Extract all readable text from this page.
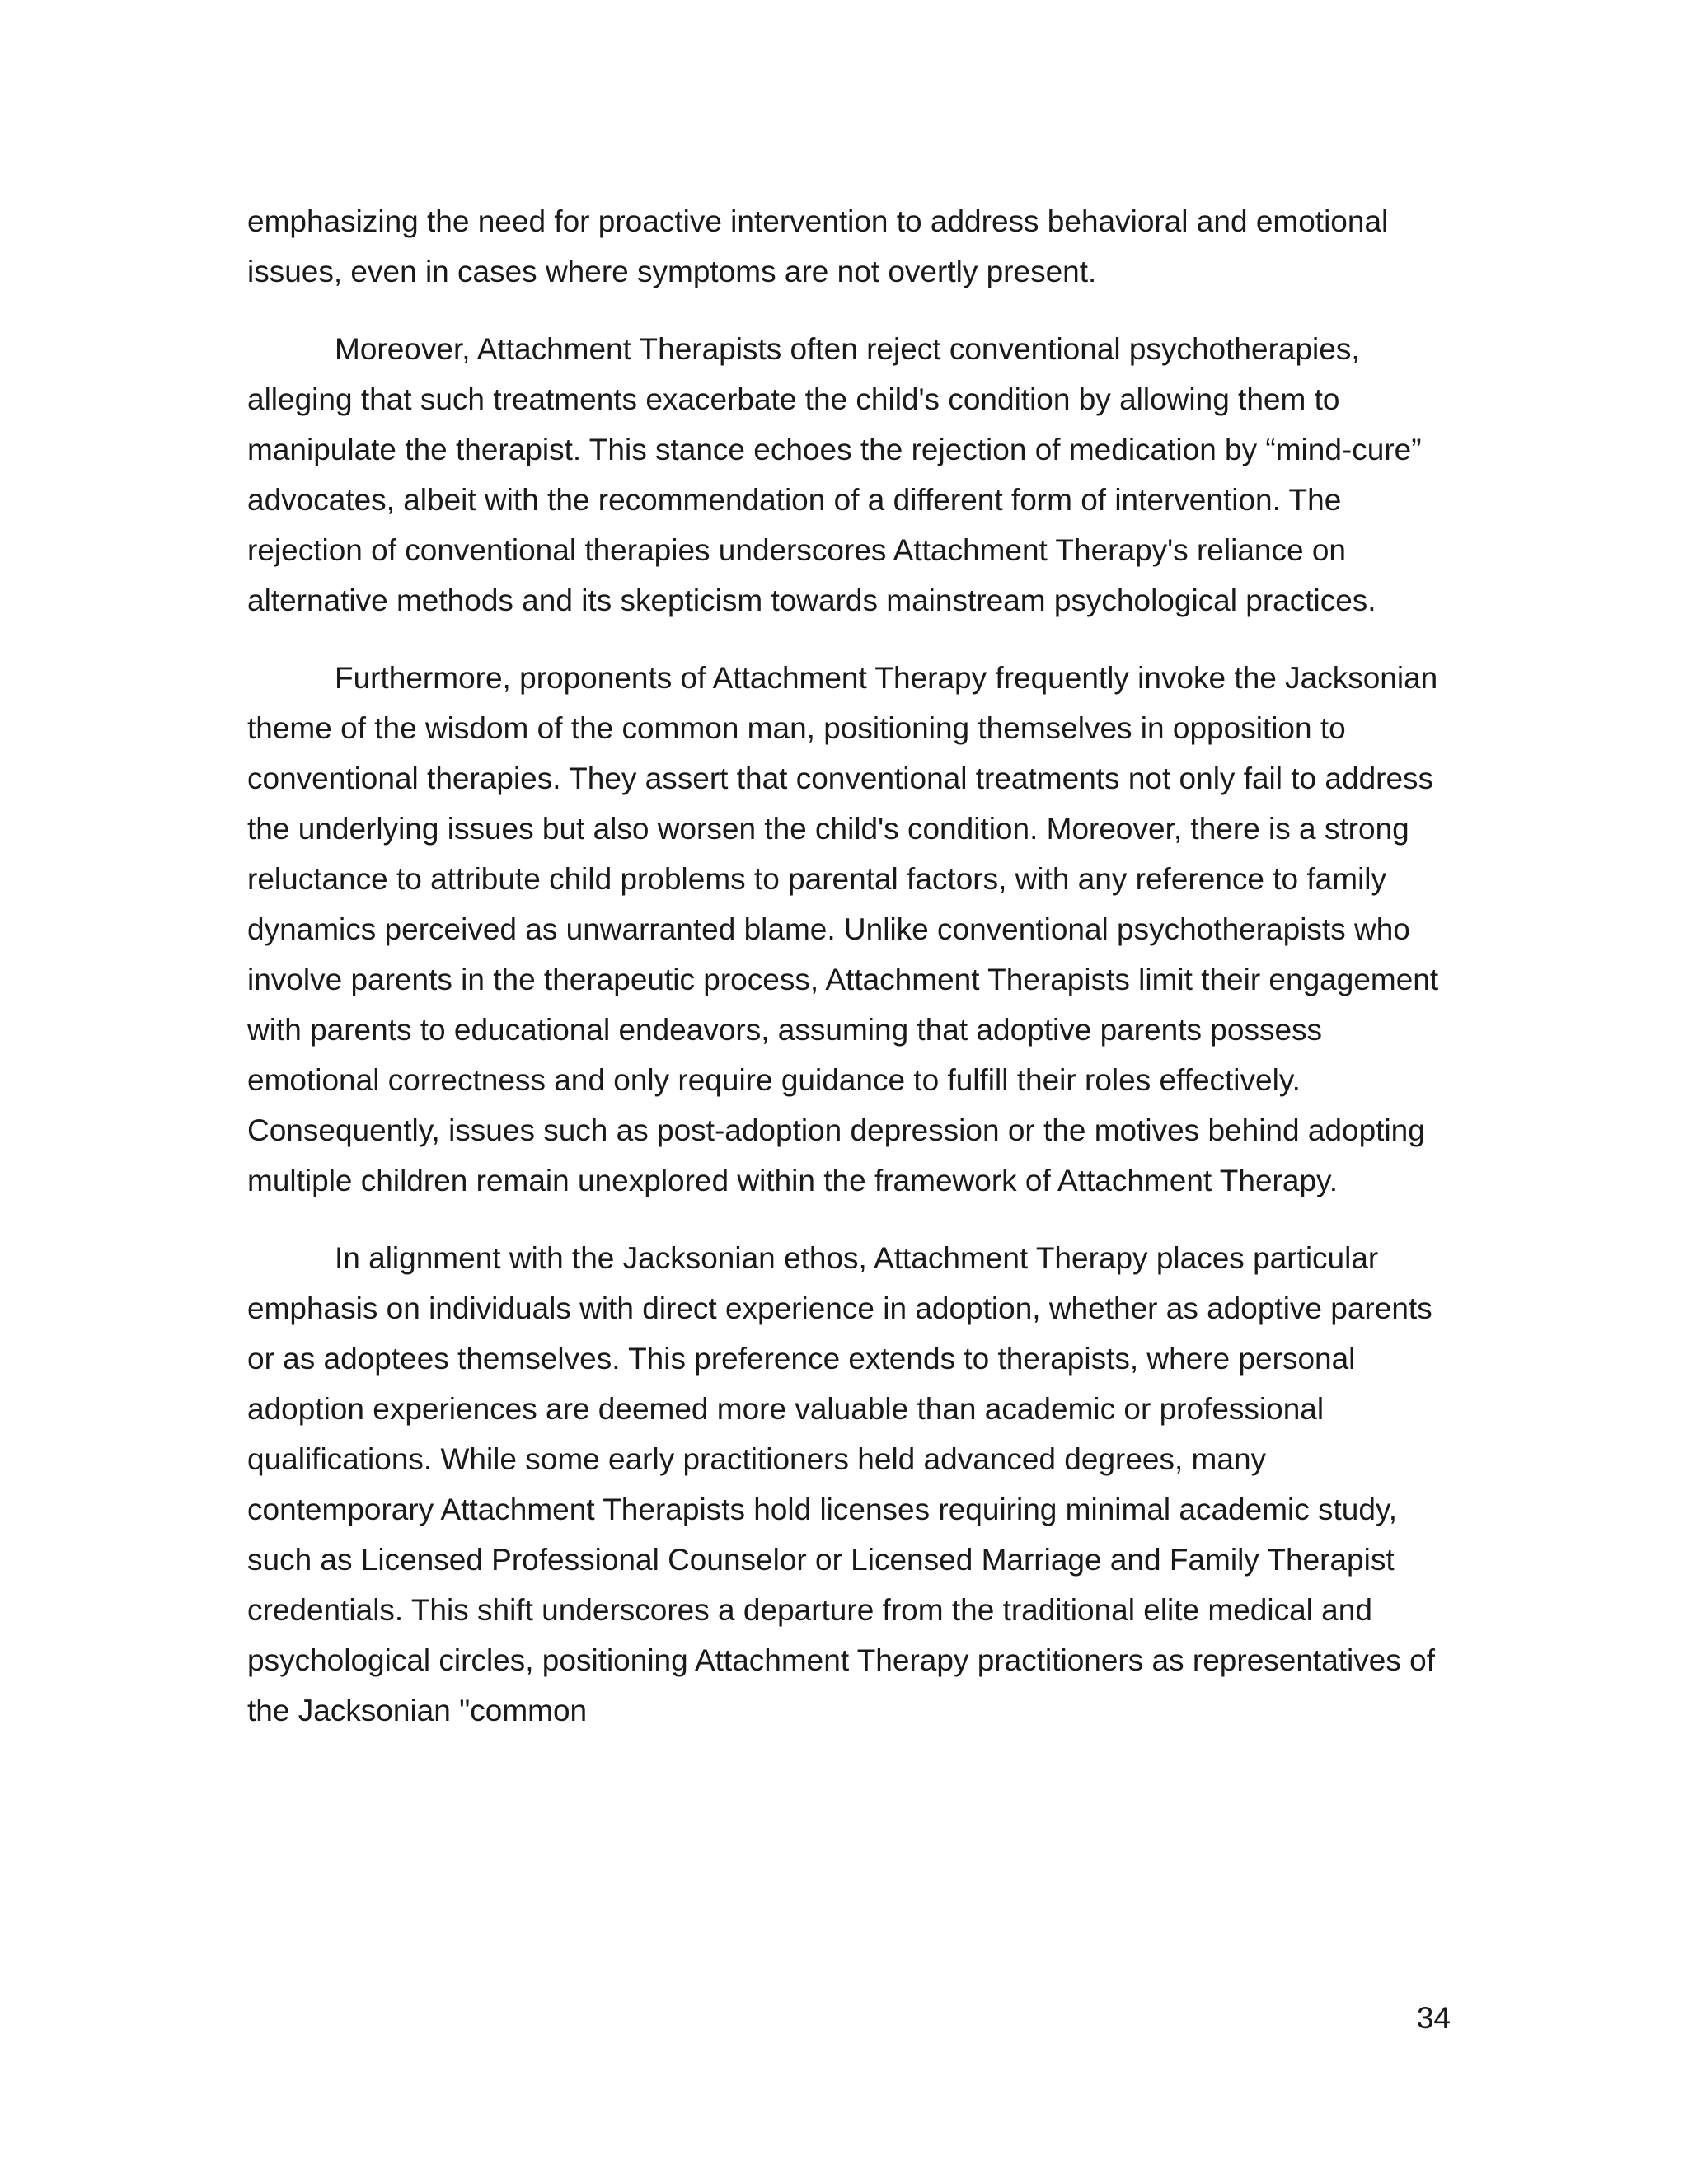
emphasizing the need for proactive intervention to address behavioral and emotional issues, even in cases where symptoms are not overtly present.

Moreover, Attachment Therapists often reject conventional psychotherapies, alleging that such treatments exacerbate the child's condition by allowing them to manipulate the therapist. This stance echoes the rejection of medication by “mind-cure” advocates, albeit with the recommendation of a different form of intervention. The rejection of conventional therapies underscores Attachment Therapy's reliance on alternative methods and its skepticism towards mainstream psychological practices.

Furthermore, proponents of Attachment Therapy frequently invoke the Jacksonian theme of the wisdom of the common man, positioning themselves in opposition to conventional therapies. They assert that conventional treatments not only fail to address the underlying issues but also worsen the child's condition. Moreover, there is a strong reluctance to attribute child problems to parental factors, with any reference to family dynamics perceived as unwarranted blame. Unlike conventional psychotherapists who involve parents in the therapeutic process, Attachment Therapists limit their engagement with parents to educational endeavors, assuming that adoptive parents possess emotional correctness and only require guidance to fulfill their roles effectively. Consequently, issues such as post-adoption depression or the motives behind adopting multiple children remain unexplored within the framework of Attachment Therapy.

In alignment with the Jacksonian ethos, Attachment Therapy places particular emphasis on individuals with direct experience in adoption, whether as adoptive parents or as adoptees themselves. This preference extends to therapists, where personal adoption experiences are deemed more valuable than academic or professional qualifications. While some early practitioners held advanced degrees, many contemporary Attachment Therapists hold licenses requiring minimal academic study, such as Licensed Professional Counselor or Licensed Marriage and Family Therapist credentials. This shift underscores a departure from the traditional elite medical and psychological circles, positioning Attachment Therapy practitioners as representatives of the Jacksonian "common

34
